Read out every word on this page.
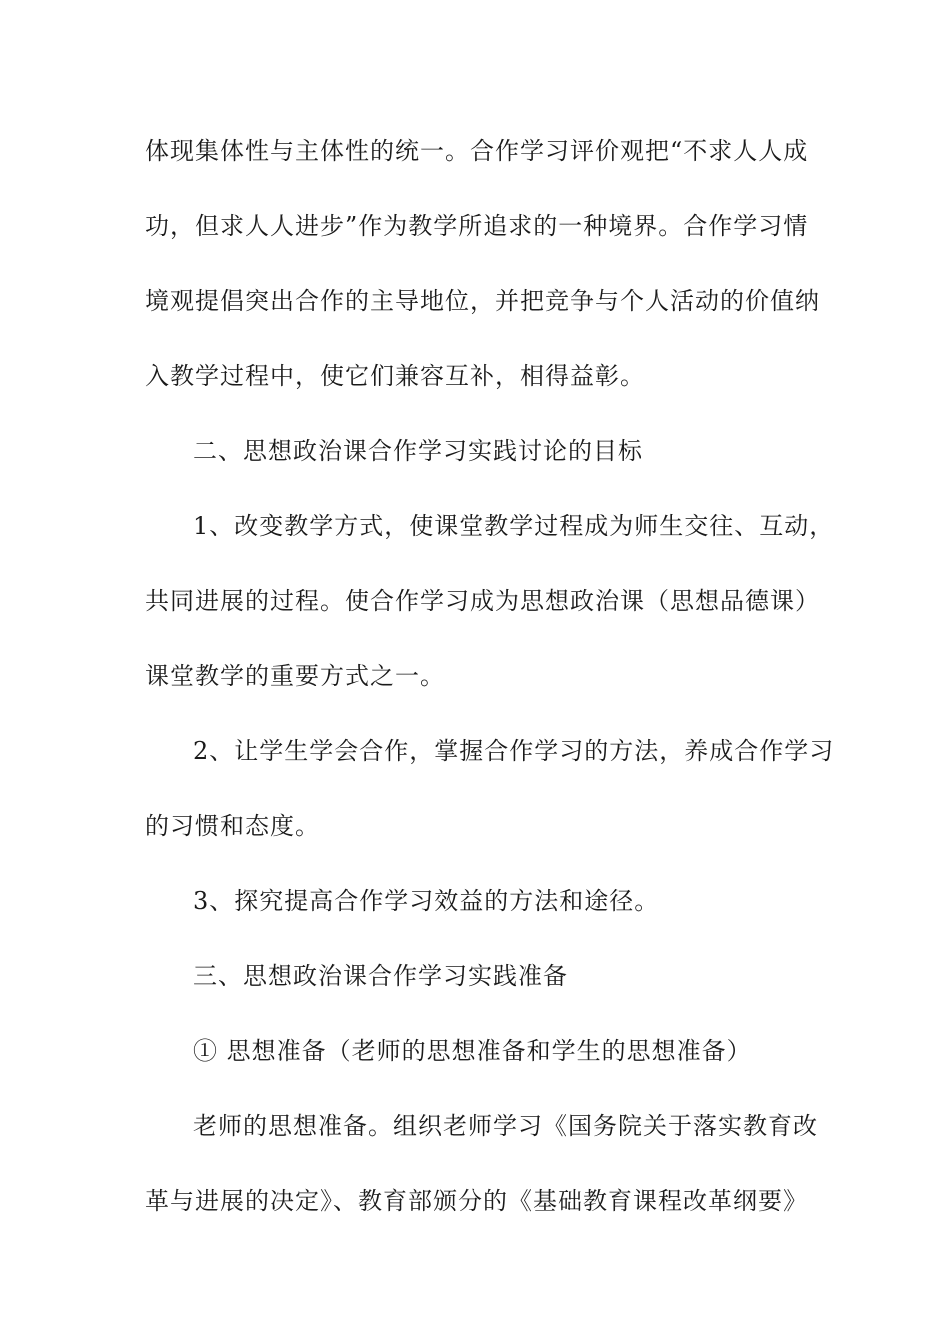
体现集体性与主体性的统一。合作学习评价观把“不求人人成
功，但求人人进步”作为教学所追求的一种境界。合作学习情
境观提倡突出合作的主导地位，并把竞争与个人活动的价值纳
入教学过程中，使它们兼容互补，相得益彰。
二、思想政治课合作学习实践讨论的目标
1、改变教学方式，使课堂教学过程成为师生交往、互动，
共同进展的过程。使合作学习成为思想政治课（思想品德课）
课堂教学的重要方式之一。
2、让学生学会合作，掌握合作学习的方法，养成合作学习
的习惯和态度。
3、探究提高合作学习效益的方法和途径。
三、思想政治课合作学习实践准备
① 思想准备（老师的思想准备和学生的思想准备）
老师的思想准备。组织老师学习《国务院关于落实教育改
革与进展的决定》、教育部颁分的《基础教育课程改革纲要》
